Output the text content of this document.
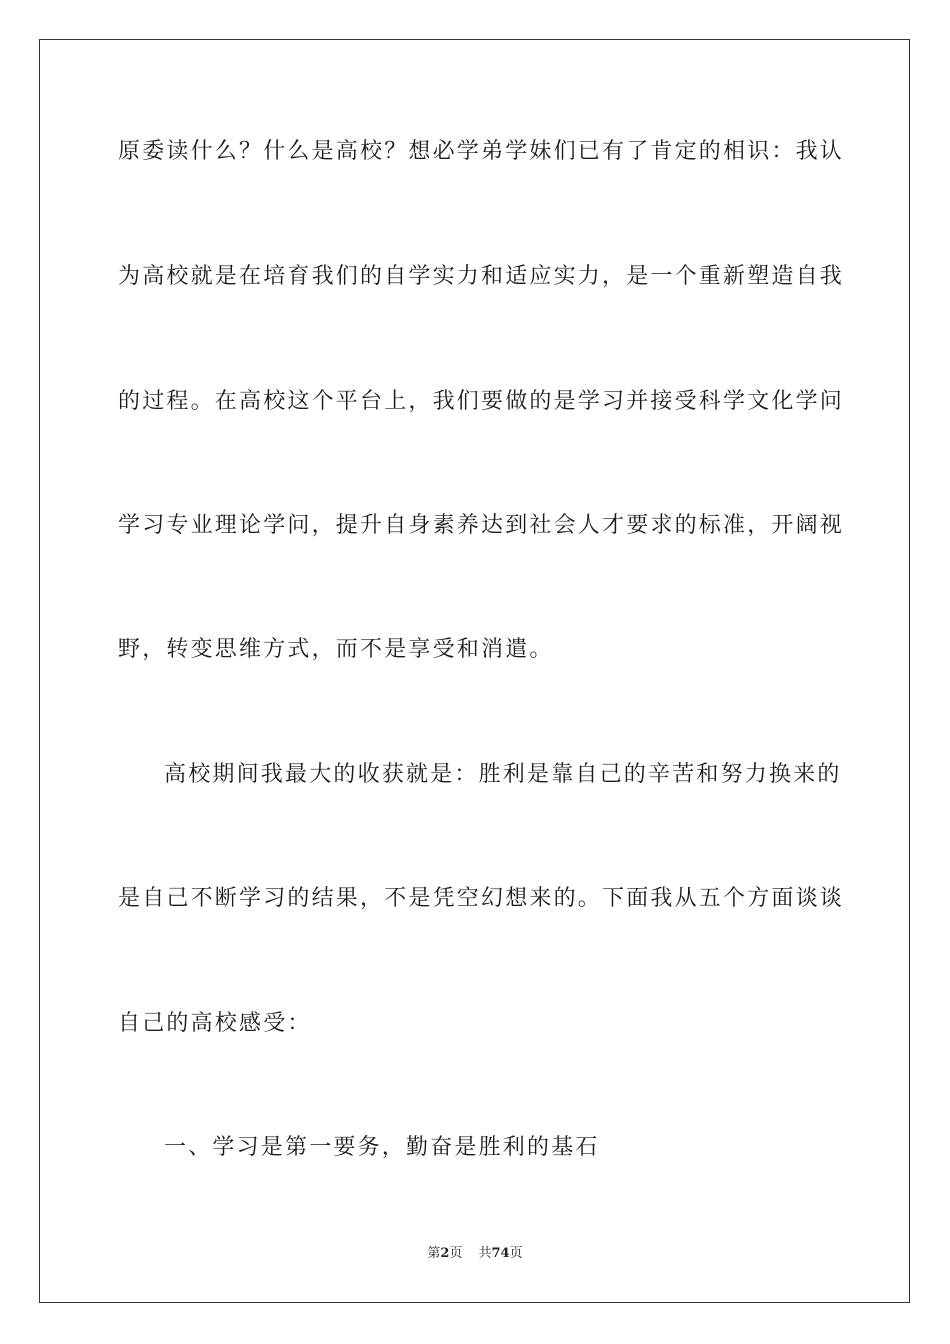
原委读什么？什么是高校？想必学弟学妹们已有了肯定的相识：我认
为高校就是在培育我们的自学实力和适应实力，是一个重新塑造自我
的过程。在高校这个平台上，我们要做的是学习并接受科学文化学问
学习专业理论学问，提升自身素养达到社会人才要求的标准，开阔视
野，转变思维方式，而不是享受和消遣。
高校期间我最大的收获就是：胜利是靠自己的辛苦和努力换来的
是自己不断学习的结果，不是凭空幻想来的。下面我从五个方面谈谈
自己的高校感受：
一、学习是第一要务，勤奋是胜利的基石
第2页 共74页
